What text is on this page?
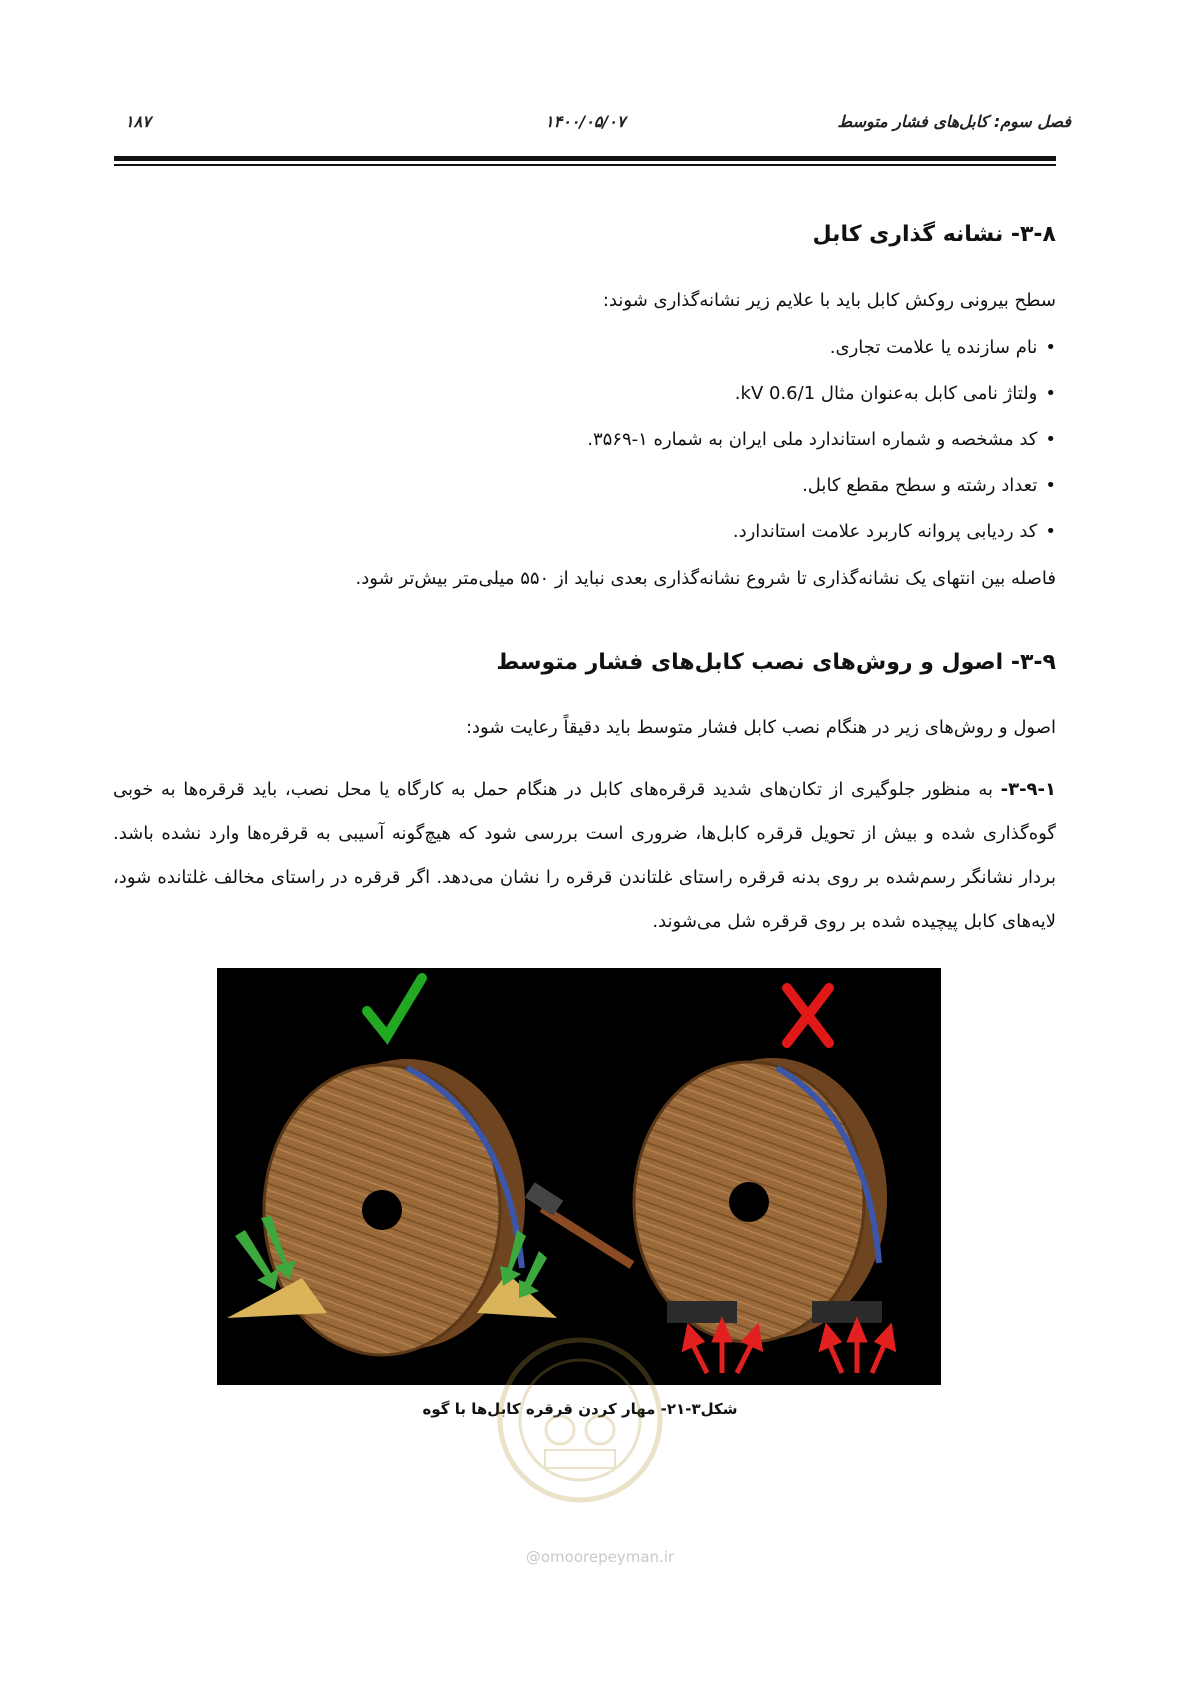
فصل سوم: کابل‌های فشار متوسط
۱۴۰۰/۰۵/۰۷
۱۸۷
۳-۸- نشانه گذاری کابل
سطح بیرونی روکش کابل باید با علایم زیر نشانه‌گذاری شوند:
• نام سازنده یا علامت تجاری.
• ولتاژ نامی کابل به‌عنوان مثال 0.6/1 kV.
• کد مشخصه و شماره استاندارد ملی ایران به شماره ۱-۳۵۶۹.
• تعداد رشته و سطح مقطع کابل.
• کد ردیابی پروانه کاربرد علامت استاندارد.
فاصله بین انتهای یک نشانه‌گذاری تا شروع نشانه‌گذاری بعدی نباید از ۵۵۰ میلی‌متر بیش‌تر شود.
۳-۹- اصول و روش‌های نصب کابل‌های فشار متوسط
اصول و روش‌های زیر در هنگام نصب کابل فشار متوسط باید دقیقاً رعایت شود:
۳-۹-۱- به منظور جلوگیری از تکان‌های شدید قرقره‌های کابل در هنگام حمل به کارگاه یا محل نصب، باید قرقره‌ها به خوبی گوه‌گذاری شده و بیش از تحویل قرقره کابل‌ها، ضروری است بررسی شود که هیچ‌گونه آسیبی به قرقره‌ها وارد نشده باشد. بردار نشانگر رسم‌شده بر روی بدنه قرقره راستای غلتاندن قرقره را نشان می‌دهد. اگر قرقره در راستای مخالف غلتانده شود، لایه‌های کابل پیچیده شده بر روی قرقره شل می‌شوند.
شکل۳-۲۱- مهار کردن قرقره کابل‌ها با گوه
@omoorepeyman.ir
